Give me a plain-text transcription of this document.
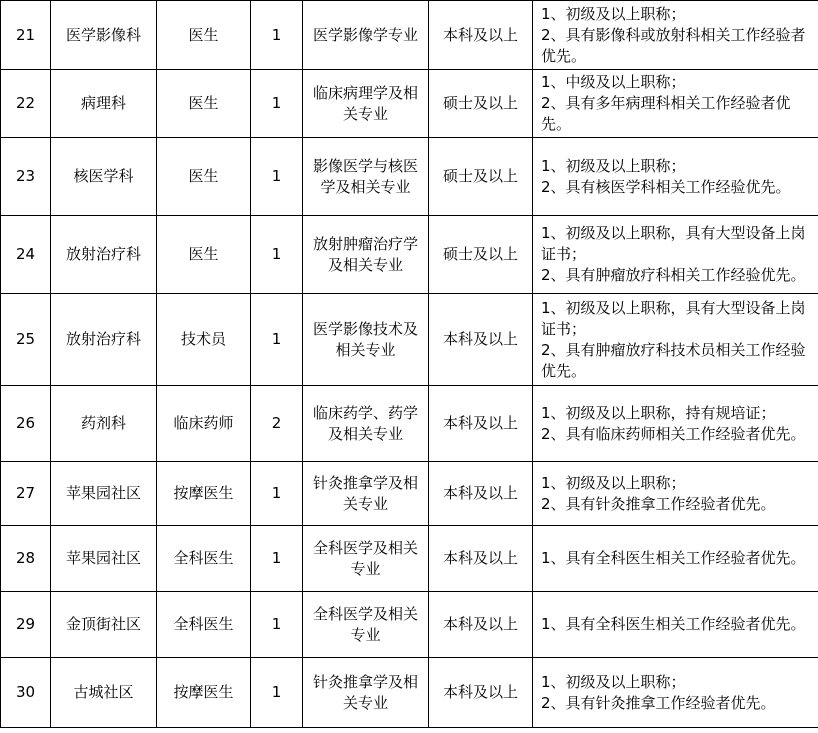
21	医学影像科	医生	1	医学影像学专业	本科及以上	1、初级及以上职称；
2、具有影像科或放射科相关工作经验者优先。

22	病理科	医生	1	临床病理学及相关专业	硕士及以上	1、中级及以上职称；
2、具有多年病理科相关工作经验者优先。

23	核医学科	医生	1	影像医学与核医学及相关专业	硕士及以上	1、初级及以上职称；
2、具有核医学科相关工作经验优先。

24	放射治疗科	医生	1	放射肿瘤治疗学及相关专业	硕士及以上	1、初级及以上职称，具有大型设备上岗证书；
2、具有肿瘤放疗科相关工作经验优先。

25	放射治疗科	技术员	1	医学影像技术及相关专业	本科及以上	1、初级及以上职称，具有大型设备上岗证书；
2、具有肿瘤放疗科技术员相关工作经验优先。

26	药剂科	临床药师	2	临床药学、药学及相关专业	本科及以上	1、初级及以上职称，持有规培证；
2、具有临床药师相关工作经验者优先。

27	苹果园社区	按摩医生	1	针灸推拿学及相关专业	本科及以上	1、初级及以上职称；
2、具有针灸推拿工作经验者优先。

28	苹果园社区	全科医生	1	全科医学及相关专业	本科及以上	1、具有全科医生相关工作经验者优先。

29	金顶街社区	全科医生	1	全科医学及相关专业	本科及以上	1、具有全科医生相关工作经验者优先。

30	古城社区	按摩医生	1	针灸推拿学及相关专业	本科及以上	1、初级及以上职称；
2、具有针灸推拿工作经验者优先。
